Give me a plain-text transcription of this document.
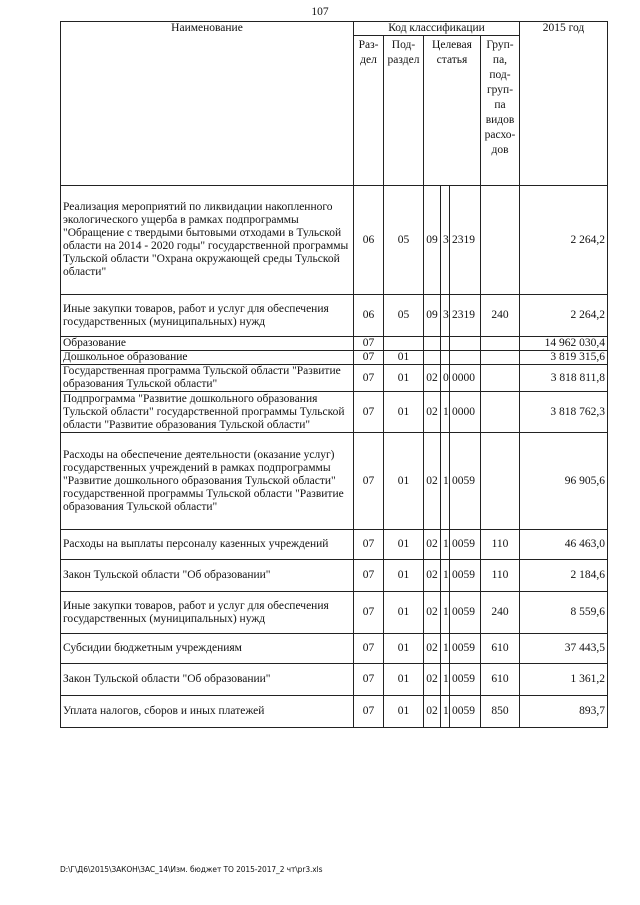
107
Наименование	Код классификации						2015 год
	Раз-дел	Под-раздел	Целевая статья			Груп-па, под-груп-па видов расхо-дов	
Реализация мероприятий по ликвидации накопленного экологического ущерба в рамках подпрограммы "Обращение с твердыми бытовыми отходами в Тульской области на 2014 - 2020 годы" государственной программы Тульской области "Охрана окружающей среды Тульской области"	06	05	09	3	2319		2 264,2
Иные закупки товаров, работ и услуг для обеспечения государственных (муниципальных) нужд	06	05	09	3	2319	240	2 264,2
Образование	07						14 962 030,4
Дошкольное образование	07	01					3 819 315,6
Государственная программа Тульской области "Развитие образования Тульской области"	07	01	02	0	0000		3 818 811,8
Подпрограмма "Развитие дошкольного образования Тульской области" государственной программы Тульской области "Развитие образования Тульской области"	07	01	02	1	0000		3 818 762,3
Расходы на обеспечение деятельности (оказание услуг) государственных учреждений в рамках подпрограммы "Развитие дошкольного образования Тульской области" государственной программы Тульской области "Развитие образования Тульской области"	07	01	02	1	0059		96 905,6
Расходы на выплаты персоналу казенных учреждений	07	01	02	1	0059	110	46 463,0
Закон Тульской области "Об образовании"	07	01	02	1	0059	110	2 184,6
Иные закупки товаров, работ и услуг для обеспечения государственных (муниципальных) нужд	07	01	02	1	0059	240	8 559,6
Субсидии бюджетным учреждениям	07	01	02	1	0059	610	37 443,5
Закон Тульской области "Об образовании"	07	01	02	1	0059	610	1 361,2
Уплата налогов, сборов и иных платежей	07	01	02	1	0059	850	893,7
D:\Г\Д6\2015\ЗАКОН\ЗАС_14\Изм. бюджет ТО 2015-2017_2 чт\pr3.xls
